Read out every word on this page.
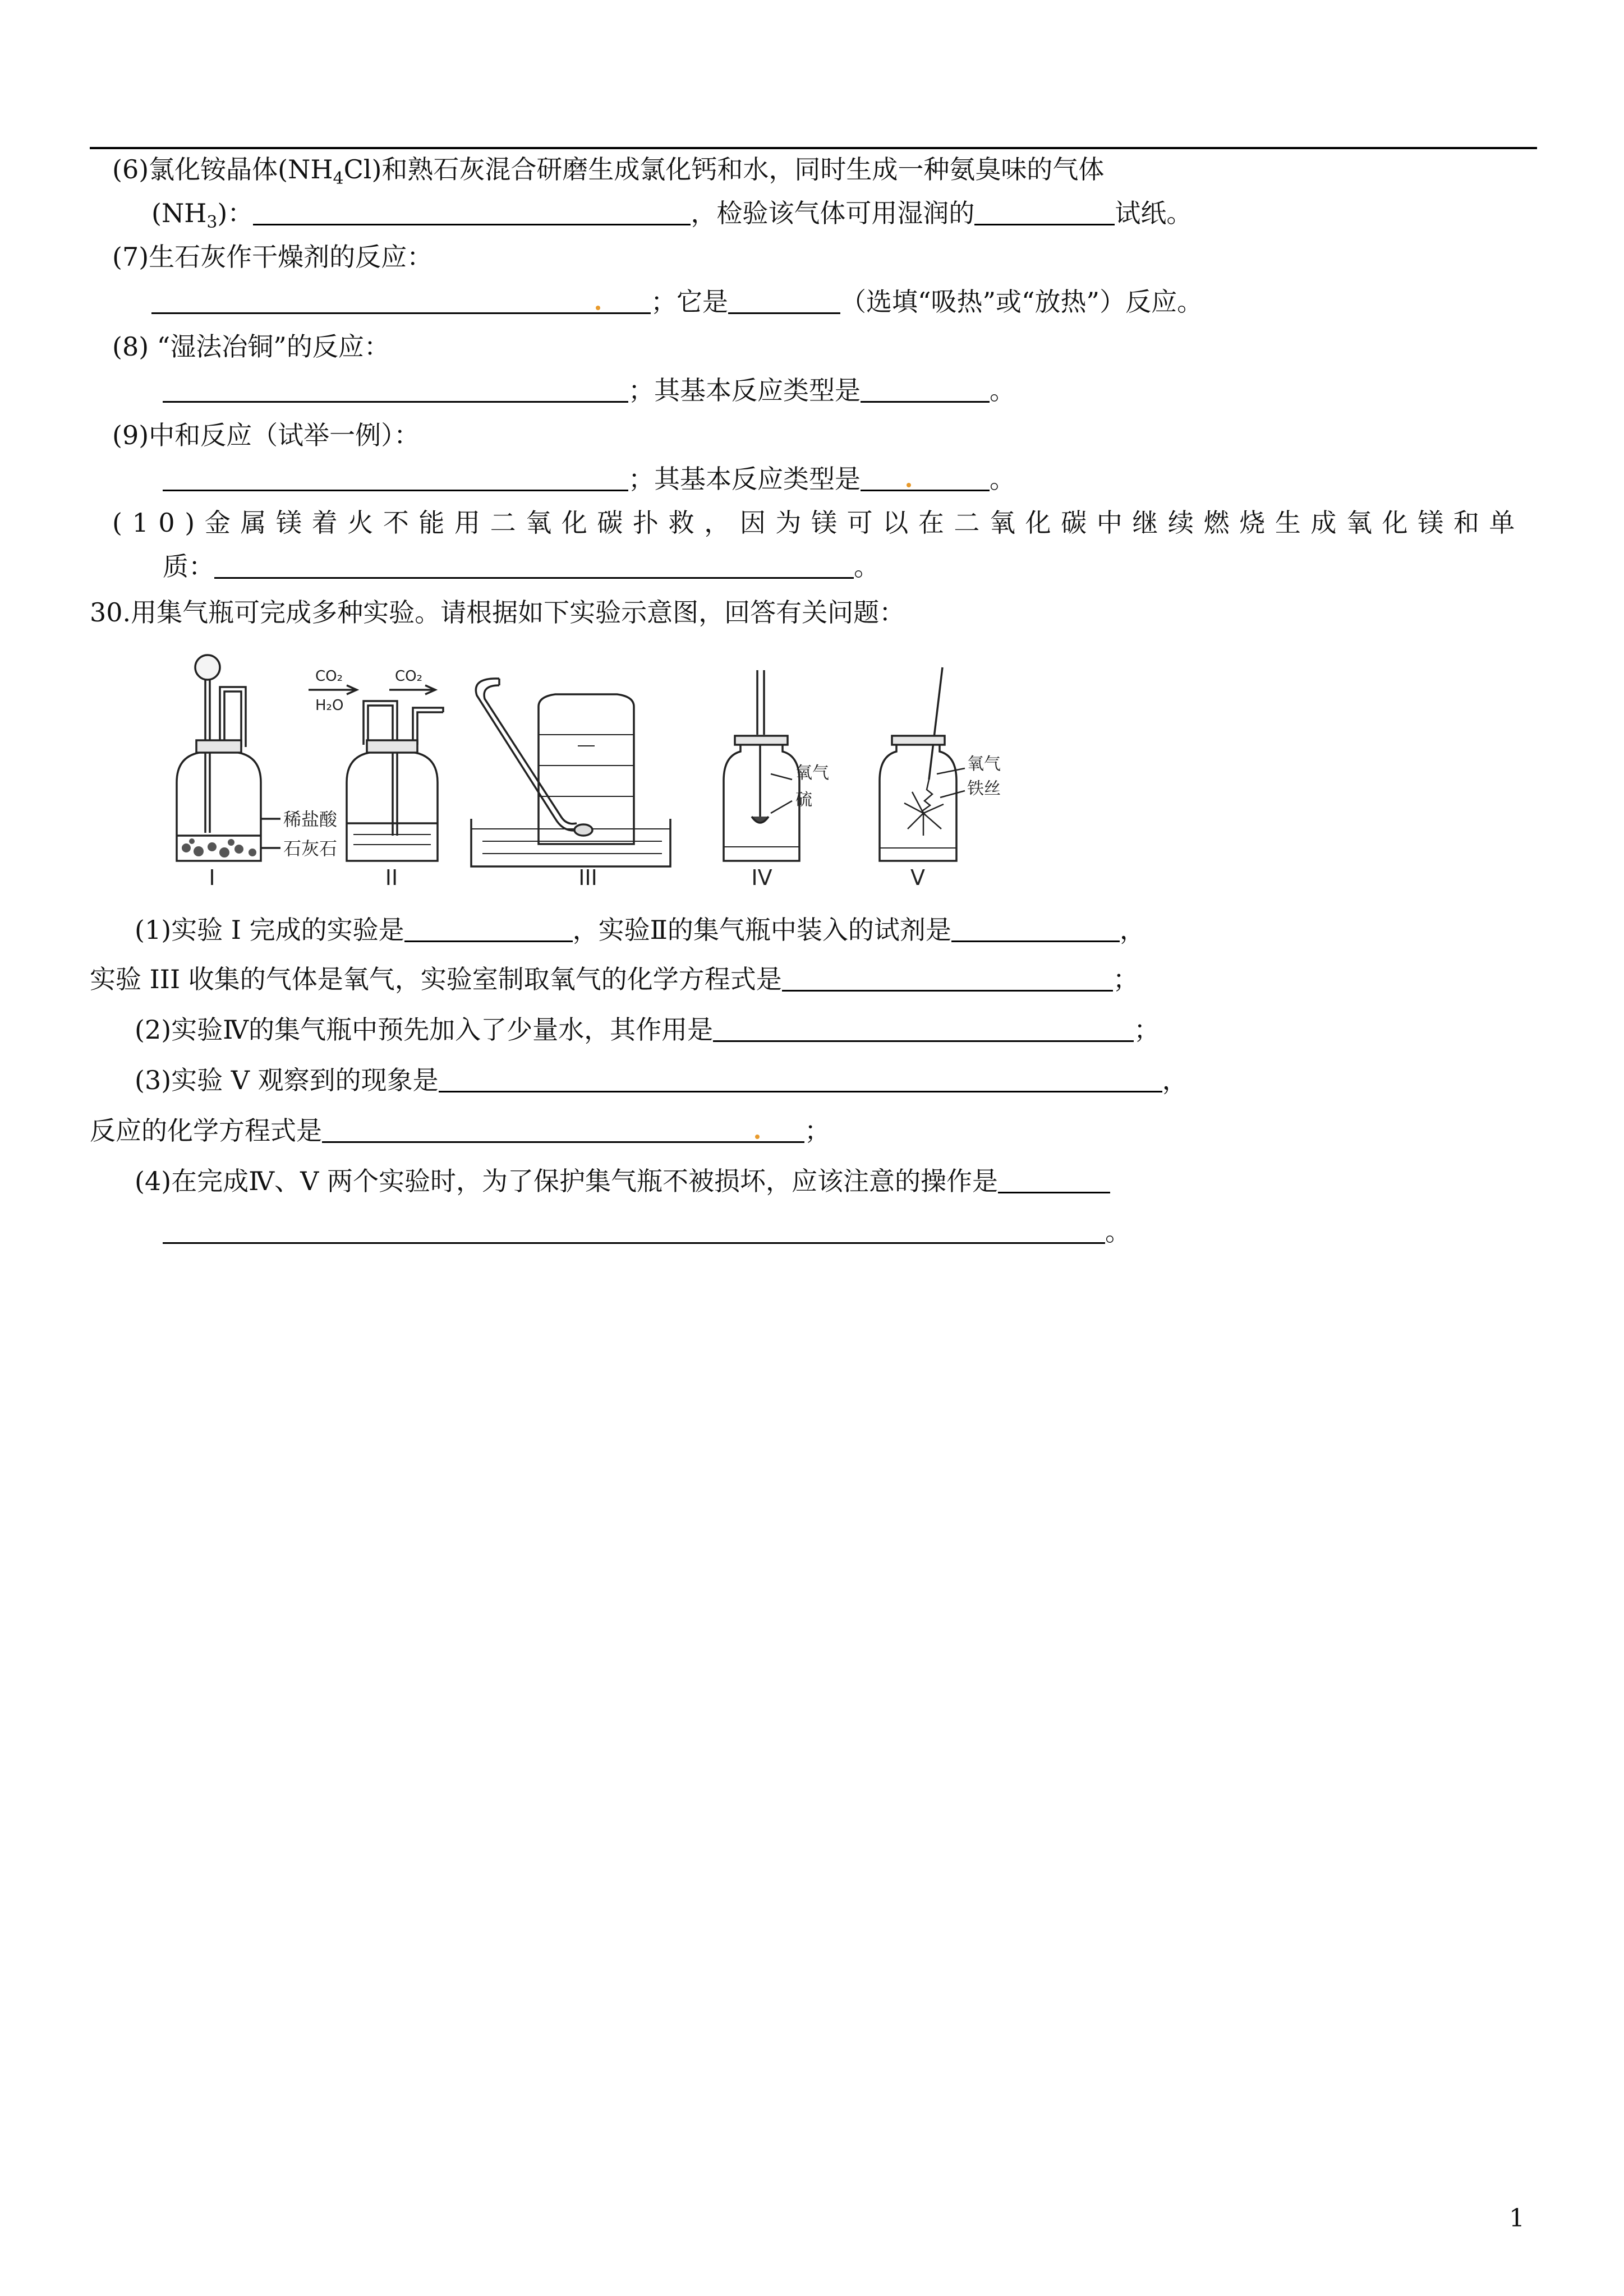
(6)氯化铵晶体$(NH_4Cl)$和熟石灰混合研磨生成氯化钙和水，同时生成一种氨臭味的气体
$(NH_3)$：	，检验该气体可用湿润的	试纸。
(7)生石灰作干燥剂的反应：
；它是	（选填“吸热”或“放热”）反应。
(8) “湿法冶铜”的反应：
；其基本反应类型是	。
(9)中和反应（试举一例）：
；其基本反应类型是	。
(10)金属镁着火不能用二氧化碳扑救，因为镁可以在二氧化碳中继续燃烧生成氧化镁和单
质：	。
30.用集气瓶可完成多种实验。请根据如下实验示意图，回答有关问题：
稀盐酸
石灰石
CO₂
H₂O
CO₂
氧气
硫
氧气
铁丝
I	II	III	IV	V
(1)实验 I 完成的实验是	，实验Ⅱ的集气瓶中装入的试剂是	，
实验 III 收集的气体是氧气，实验室制取氧气的化学方程式是	；
(2)实验Ⅳ的集气瓶中预先加入了少量水，其作用是	；
(3)实验 V 观察到的现象是	，
反应的化学方程式是	；
(4)在完成Ⅳ、V 两个实验时，为了保护集气瓶不被损坏，应该注意的操作是
。
1
